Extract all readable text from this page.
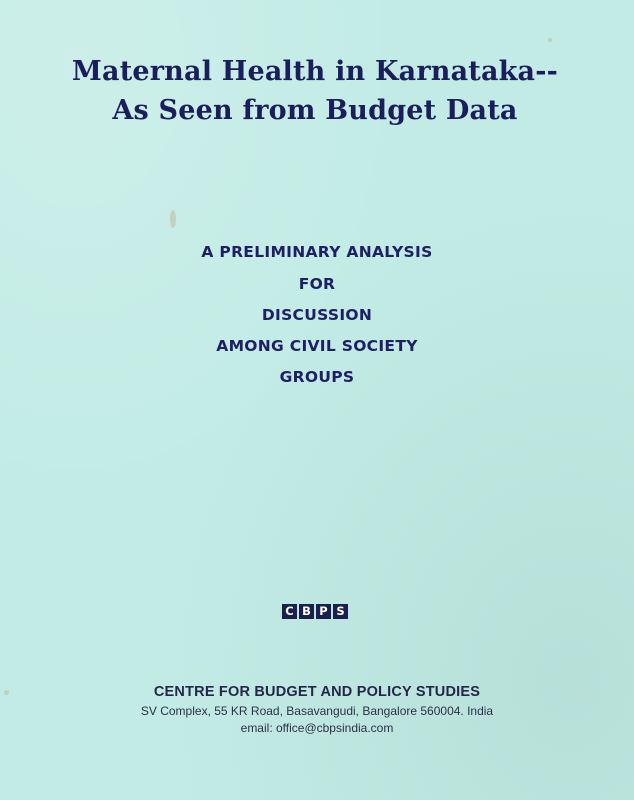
Maternal Health in Karnataka--
As Seen from Budget Data

A PRELIMINARY ANALYSIS

FOR

DISCUSSION

AMONG CIVIL SOCIETY

GROUPS

C B P S

CENTRE FOR BUDGET AND POLICY STUDIES

SV Complex, 55 KR Road, Basavangudi, Bangalore 560004. India

email: office@cbpsindia.com
